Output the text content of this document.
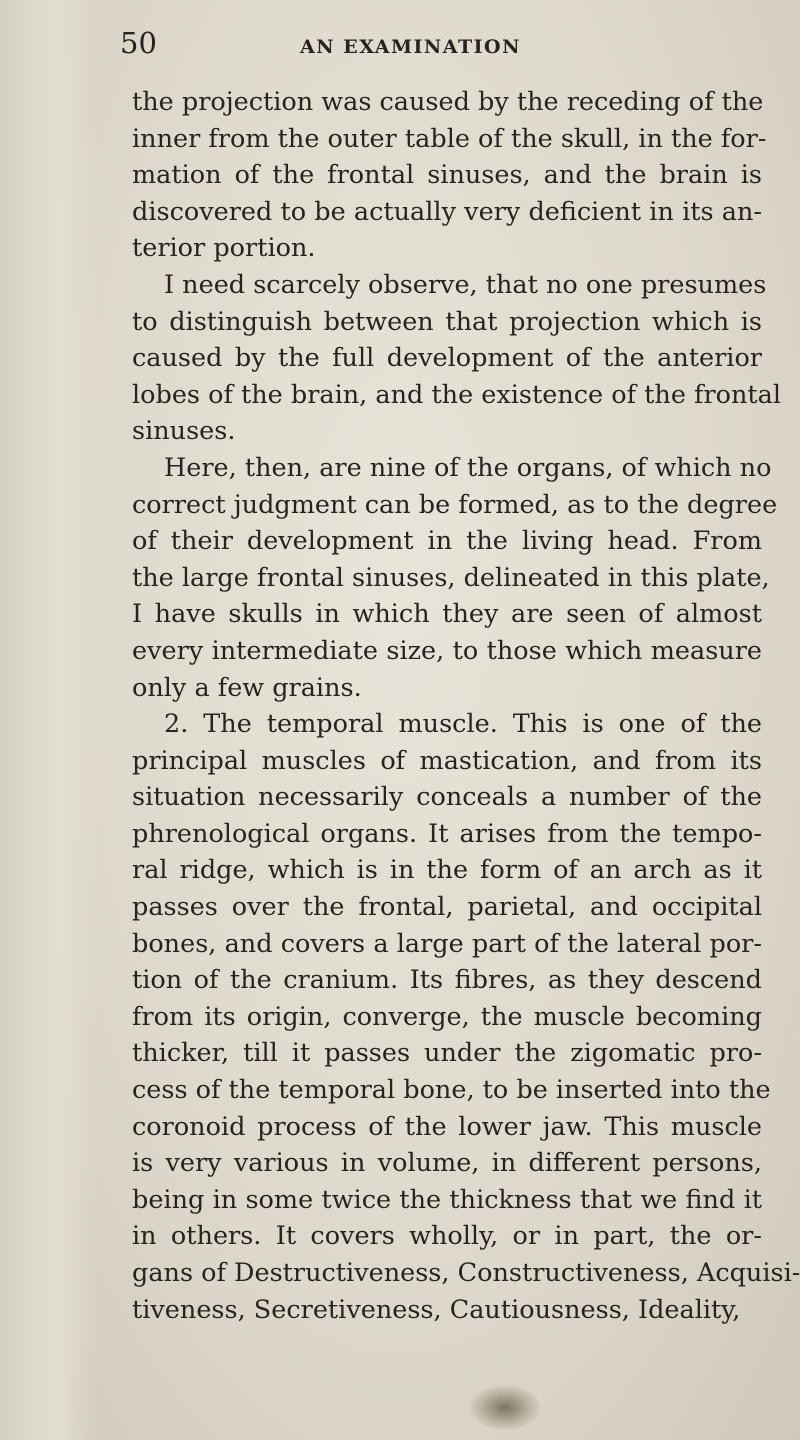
50	AN EXAMINATION
the projection was caused by the receding of the
inner from the outer table of the skull, in the for-
mation of the frontal sinuses, and the brain is
discovered to be actually very deficient in its an-
terior portion.
I need scarcely observe, that no one presumes
to distinguish between that projection which is
caused by the full development of the anterior
lobes of the brain, and the existence of the frontal
sinuses.
Here, then, are nine of the organs, of which no
correct judgment can be formed, as to the degree
of their development in the living head. From
the large frontal sinuses, delineated in this plate,
I have skulls in which they are seen of almost
every intermediate size, to those which measure
only a few grains.
2. The temporal muscle. This is one of the
principal muscles of mastication, and from its
situation necessarily conceals a number of the
phrenological organs. It arises from the tempo-
ral ridge, which is in the form of an arch as it
passes over the frontal, parietal, and occipital
bones, and covers a large part of the lateral por-
tion of the cranium. Its fibres, as they descend
from its origin, converge, the muscle becoming
thicker, till it passes under the zigomatic pro-
cess of the temporal bone, to be inserted into the
coronoid process of the lower jaw. This muscle
is very various in volume, in different persons,
being in some twice the thickness that we find it
in others. It covers wholly, or in part, the or-
gans of Destructiveness, Constructiveness, Acquisi-
tiveness, Secretiveness, Cautiousness, Ideality,
